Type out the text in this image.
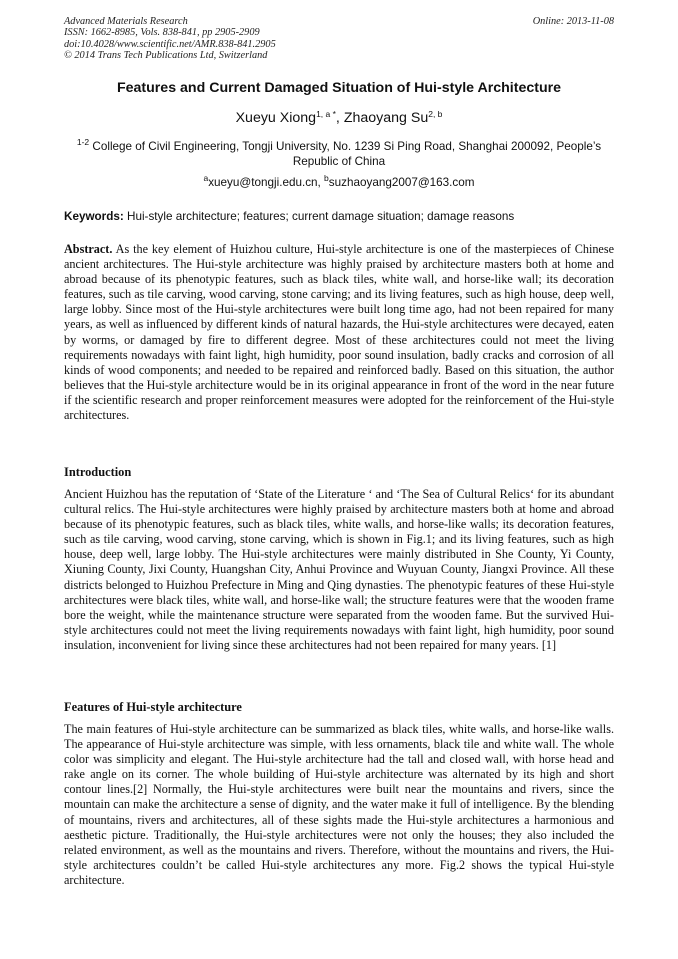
Advanced Materials Research
ISSN: 1662-8985, Vols. 838-841, pp 2905-2909
doi:10.4028/www.scientific.net/AMR.838-841.2905
© 2014 Trans Tech Publications Ltd, Switzerland
Online: 2013-11-08
Features and Current Damaged Situation of Hui-style Architecture
Xueyu Xiong$^{1, a *}$, Zhaoyang Su$^{2, b}$
$^{1-2}$ College of Civil Engineering, Tongji University, No. 1239 Si Ping Road, Shanghai 200092, People’s Republic of China
$^a$xueyu@tongji.edu.cn, $^b$suzhaoyang2007@163.com
Keywords: Hui-style architecture; features; current damage situation; damage reasons
Abstract. As the key element of Huizhou culture, Hui-style architecture is one of the masterpieces of Chinese ancient architectures. The Hui-style architecture was highly praised by architecture masters both at home and abroad because of its phenotypic features, such as black tiles, white wall, and horse-like wall; its decoration features, such as tile carving, wood carving, stone carving; and its living features, such as high house, deep well, large lobby. Since most of the Hui-style architectures were built long time ago, had not been repaired for many years, as well as influenced by different kinds of natural hazards, the Hui-style architectures were decayed, eaten by worms, or damaged by fire to different degree. Most of these architectures could not meet the living requirements nowadays with faint light, high humidity, poor sound insulation, badly cracks and corrosion of all kinds of wood components; and needed to be repaired and reinforced badly. Based on this situation, the author believes that the Hui-style architecture would be in its original appearance in front of the word in the near future if the scientific research and proper reinforcement measures were adopted for the reinforcement of the Hui-style architectures.
Introduction
Ancient Huizhou has the reputation of ‘State of the Literature ‘ and ‘The Sea of Cultural Relics‘ for its abundant cultural relics. The Hui-style architectures were highly praised by architecture masters both at home and abroad because of its phenotypic features, such as black tiles, white walls, and horse-like walls; its decoration features, such as tile carving, wood carving, stone carving, which is shown in Fig.1; and its living features, such as high house, deep well, large lobby. The Hui-style architectures were mainly distributed in She County, Yi County, Xiuning County, Jixi County, Huangshan City, Anhui Province and Wuyuan County, Jiangxi Province. All these districts belonged to Huizhou Prefecture in Ming and Qing dynasties. The phenotypic features of these Hui-style architectures were black tiles, white wall, and horse-like wall; the structure features were that the wooden frame bore the weight, while the maintenance structure were separated from the wooden fame. But the survived Hui-style architectures could not meet the living requirements nowadays with faint light, high humidity, poor sound insulation, inconvenient for living since these architectures had not been repaired for many years. [1]
Features of Hui-style architecture
The main features of Hui-style architecture can be summarized as black tiles, white walls, and horse-like walls. The appearance of Hui-style architecture was simple, with less ornaments, black tile and white wall. The whole color was simplicity and elegant. The Hui-style architecture had the tall and closed wall, with horse head and rake angle on its corner. The whole building of Hui-style architecture was alternated by its high and short contour lines.[2] Normally, the Hui-style architectures were built near the mountains and rivers, since the mountain can make the architecture a sense of dignity, and the water make it full of intelligence. By the blending of mountains, rivers and architectures, all of these sights made the Hui-style architectures a harmonious and aesthetic picture. Traditionally, the Hui-style architectures were not only the houses; they also included the related environment, as well as the mountains and rivers. Therefore, without the mountains and rivers, the Hui-style architectures couldn’t be called Hui-style architectures any more. Fig.2 shows the typical Hui-style architecture.
